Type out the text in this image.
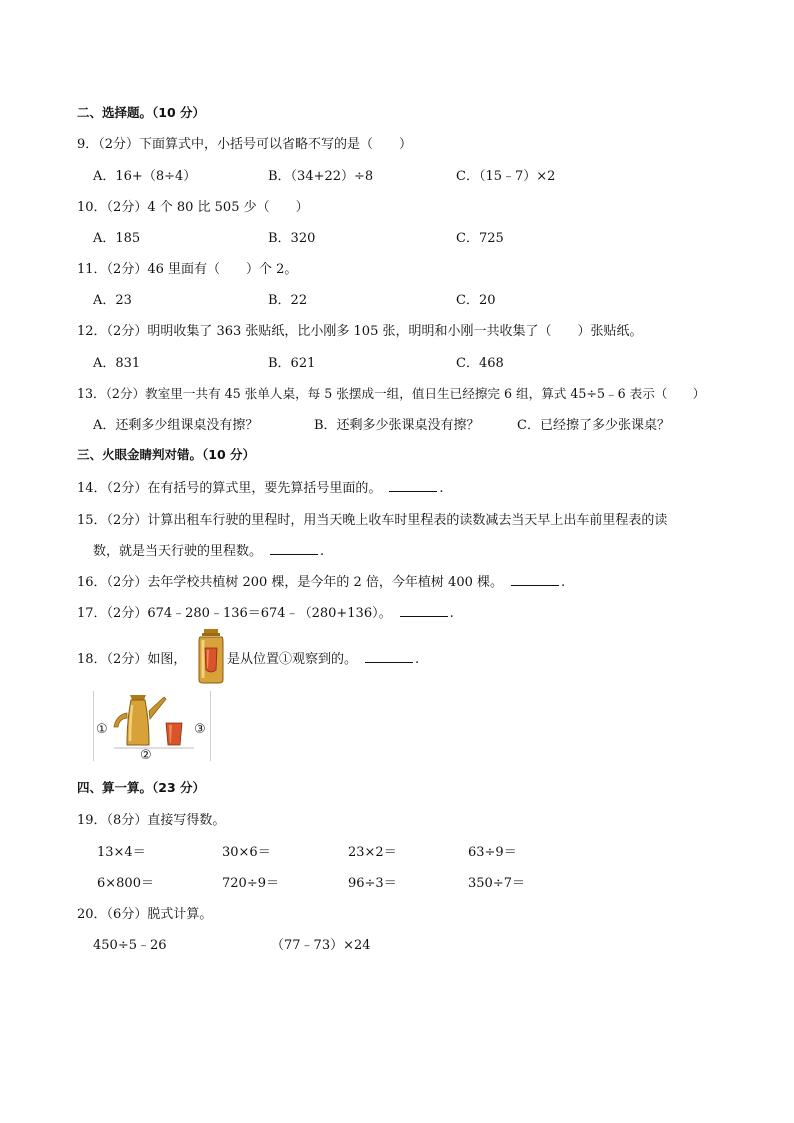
二、选择题。（10 分）
9．（2分）下面算式中，小括号可以省略不写的是（　　）
A．16+（8÷4）	B．（34+22）÷8	C．（15﹣7）×2
10．（2分）4 个 80 比 505 少（　　）
A．185	B．320	C．725
11．（2分）46 里面有（　　）个 2。
A．23	B．22	C．20
12．（2分）明明收集了 363 张贴纸，比小刚多 105 张，明明和小刚一共收集了（　　）张贴纸。
A．831	B．621	C．468
13．（2分）教室里一共有 45 张单人桌，每 5 张摆成一组，值日生已经擦完 6 组，算式 45÷5﹣6 表示（　　）
A．还剩多少组课桌没有擦？	B．还剩多少张课桌没有擦？	C．已经擦了多少张课桌？
三、火眼金睛判对错。（10 分）
14．（2分）在有括号的算式里，要先算括号里面的。	.
15．（2分）计算出租车行驶的里程时，用当天晚上收车时里程表的读数减去当天早上出车前里程表的读
数，就是当天行驶的里程数。	.
16．（2分）去年学校共植树 200 棵，是今年的 2 倍，今年植树 400 棵。	.
17．（2分）674﹣280﹣136＝674﹣（280+136）。	.
18．（2分）如图，	是从位置①观察到的。	.
①
②
③
四、算一算。（23 分）
19．（8分）直接写得数。
13×4＝	30×6＝	23×2＝	63÷9＝
6×800＝	720÷9＝	96÷3＝	350÷7＝
20．（6分）脱式计算。
450÷5﹣26	（77﹣73）×24
